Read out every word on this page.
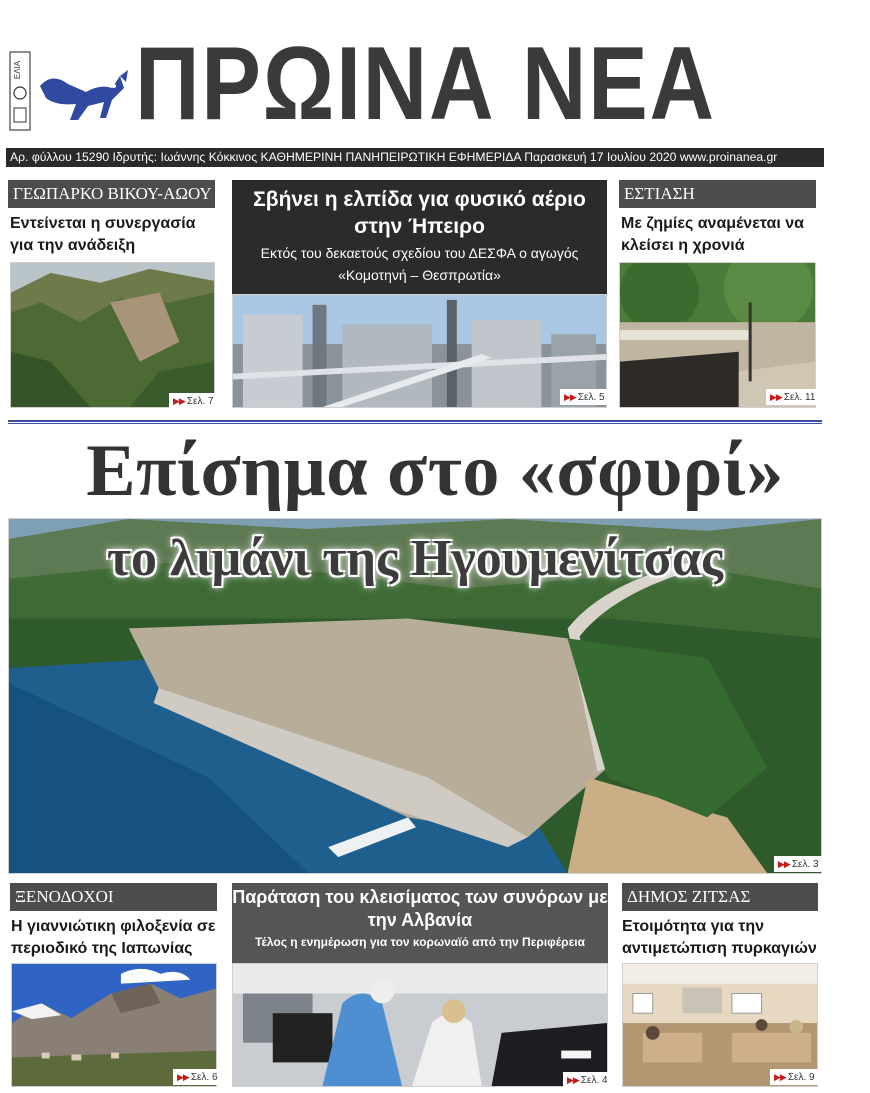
ΕΛΙΑ ΠΡΩΙΝΑ ΝΕΑ
Αρ. φύλλου 15290 Ιδρυτής: Ιωάννης Κόκκινος ΚΑΘΗΜΕΡΙΝΗ ΠΑΝΗΠΕΙΡΩΤΙΚΗ ΕΦΗΜΕΡΙΔΑ Παρασκευή 17 Ιουλίου 2020 www.proinanea.gr
ΓΕΩΠΑΡΚΟ ΒΙΚΟΥ-ΑΩΟΥ
Εντείνεται η συνεργασία για την ανάδειξη
▶▶ Σελ. 7
Σβήνει η ελπίδα για φυσικό αέριο στην Ήπειρο
Εκτός του δεκαετούς σχεδίου του ΔΕΣΦΑ ο αγωγός «Κομοτηνή – Θεσπρωτία»
▶▶ Σελ. 5
ΕΣΤΙΑΣΗ
Με ζημίες αναμένεται να κλείσει η χρονιά
▶▶ Σελ. 11
Επίσημα στο «σφυρί»
το λιμάνι της Ηγουμενίτσας
▶▶ Σελ. 3
ΞΕΝΟΔΟΧΟΙ
Η γιαννιώτικη φιλοξενία σε περιοδικό της Ιαπωνίας
▶▶ Σελ. 6
Παράταση του κλεισίματος των συνόρων με την Αλβανία
Τέλος η ενημέρωση για τον κορωναϊό από την Περιφέρεια
▶▶ Σελ. 4
ΔΗΜΟΣ ΖΙΤΣΑΣ
Ετοιμότητα για την αντιμετώπιση πυρκαγιών
▶▶ Σελ. 9
